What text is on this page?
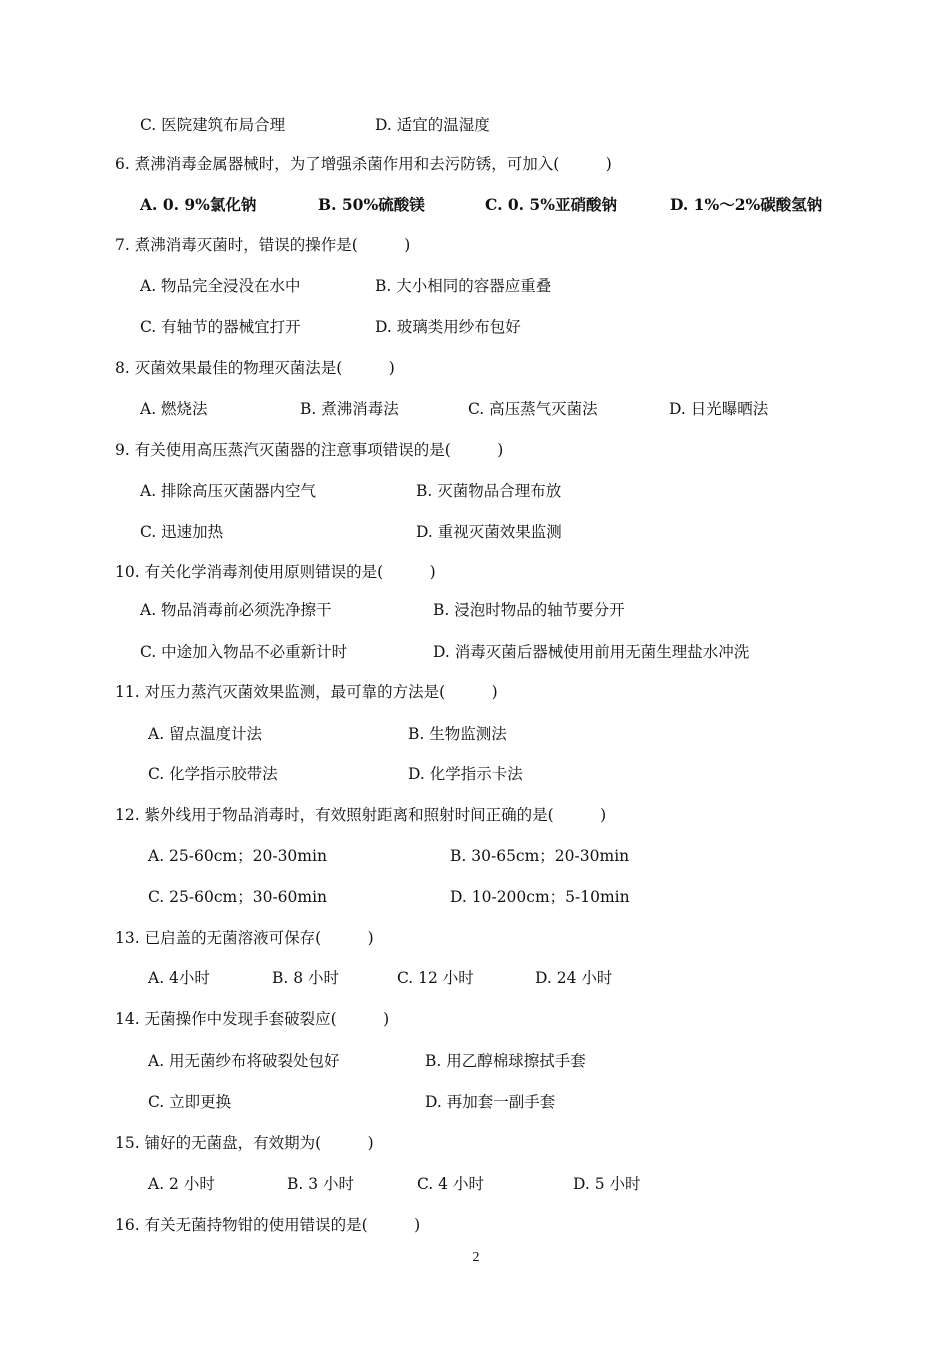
C. 医院建筑布局合理	D. 适宜的温湿度
6. 煮沸消毒金属器械时，为了增强杀菌作用和去污防锈，可加入(　　　)
A. 0. 9%氯化钠	B. 50%硫酸镁	C. 0. 5%亚硝酸钠	D. 1%～2%碳酸氢钠
7. 煮沸消毒灭菌时，错误的操作是(　　　)
A. 物品完全浸没在水中	B. 大小相同的容器应重叠
C. 有轴节的器械宜打开	D. 玻璃类用纱布包好
8. 灭菌效果最佳的物理灭菌法是(　　　)
A. 燃烧法	B. 煮沸消毒法	C. 高压蒸气灭菌法	D. 日光曝晒法
9. 有关使用高压蒸汽灭菌器的注意事项错误的是(　　　)
A. 排除高压灭菌器内空气	B. 灭菌物品合理布放
C. 迅速加热	D. 重视灭菌效果监测
10. 有关化学消毒剂使用原则错误的是(　　　)
A. 物品消毒前必须洗净擦干	B. 浸泡时物品的轴节要分开
C. 中途加入物品不必重新计时	D. 消毒灭菌后器械使用前用无菌生理盐水冲洗
11. 对压力蒸汽灭菌效果监测，最可靠的方法是(　　　)
A. 留点温度计法	B. 生物监测法
C. 化学指示胶带法	D. 化学指示卡法
12. 紫外线用于物品消毒时，有效照射距离和照射时间正确的是(　　　)
A. 25-60cm；20-30min	B. 30-65cm；20-30min
C. 25-60cm；30-60min	D. 10-200cm；5-10min
13. 已启盖的无菌溶液可保存(　　　)
A. 4小时	B. 8 小时	C. 12 小时	D. 24 小时
14. 无菌操作中发现手套破裂应(　　　)
A. 用无菌纱布将破裂处包好	B. 用乙醇棉球擦拭手套
C. 立即更换	D. 再加套一副手套
15. 铺好的无菌盘，有效期为(　　　)
A. 2 小时	B. 3 小时	C. 4 小时	D. 5 小时
16. 有关无菌持物钳的使用错误的是(　　　)
2
